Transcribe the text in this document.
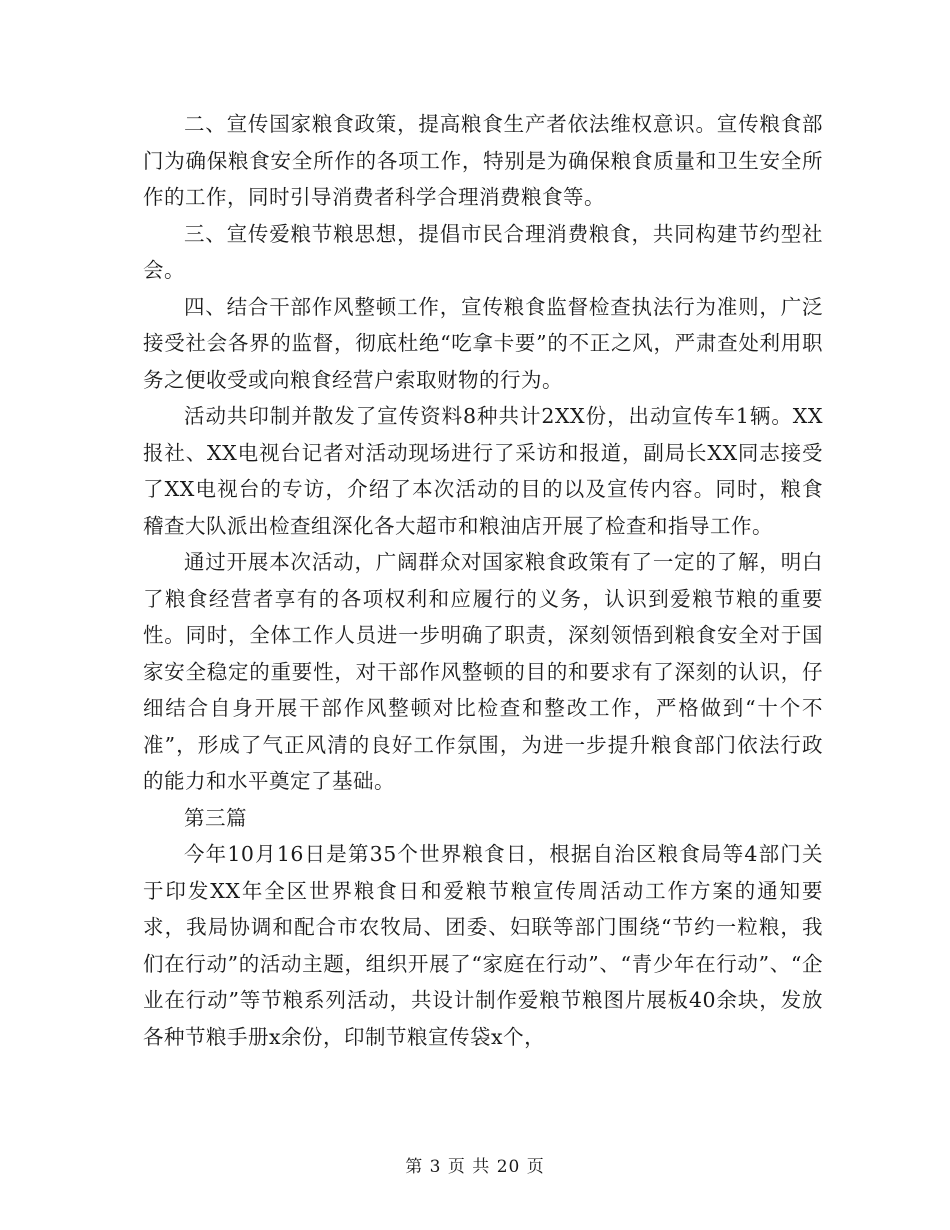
二、宣传国家粮食政策，提高粮食生产者依法维权意识。宣传粮食部门为确保粮食安全所作的各项工作，特别是为确保粮食质量和卫生安全所作的工作，同时引导消费者科学合理消费粮食等。

三、宣传爱粮节粮思想，提倡市民合理消费粮食，共同构建节约型社会。

四、结合干部作风整顿工作，宣传粮食监督检查执法行为准则，广泛接受社会各界的监督，彻底杜绝“吃拿卡要”的不正之风，严肃查处利用职务之便收受或向粮食经营户索取财物的行为。

活动共印制并散发了宣传资料8种共计2XX份，出动宣传车1辆。XX报社、XX电视台记者对活动现场进行了采访和报道，副局长XX同志接受了XX电视台的专访，介绍了本次活动的目的以及宣传内容。同时，粮食稽查大队派出检查组深化各大超市和粮油店开展了检查和指导工作。

通过开展本次活动，广阔群众对国家粮食政策有了一定的了解，明白了粮食经营者享有的各项权利和应履行的义务，认识到爱粮节粮的重要性。同时，全体工作人员进一步明确了职责，深刻领悟到粮食安全对于国家安全稳定的重要性，对干部作风整顿的目的和要求有了深刻的认识，仔细结合自身开展干部作风整顿对比检查和整改工作，严格做到“十个不准”，形成了气正风清的良好工作氛围，为进一步提升粮食部门依法行政的能力和水平奠定了基础。

第三篇

今年10月16日是第35个世界粮食日，根据自治区粮食局等4部门关于印发XX年全区世界粮食日和爱粮节粮宣传周活动工作方案的通知要求，我局协调和配合市农牧局、团委、妇联等部门围绕“节约一粒粮，我们在行动”的活动主题，组织开展了“家庭在行动”、“青少年在行动”、“企业在行动”等节粮系列活动，共设计制作爱粮节粮图片展板40余块，发放各种节粮手册x余份，印制节粮宣传袋x个，

第 3 页 共 20 页
